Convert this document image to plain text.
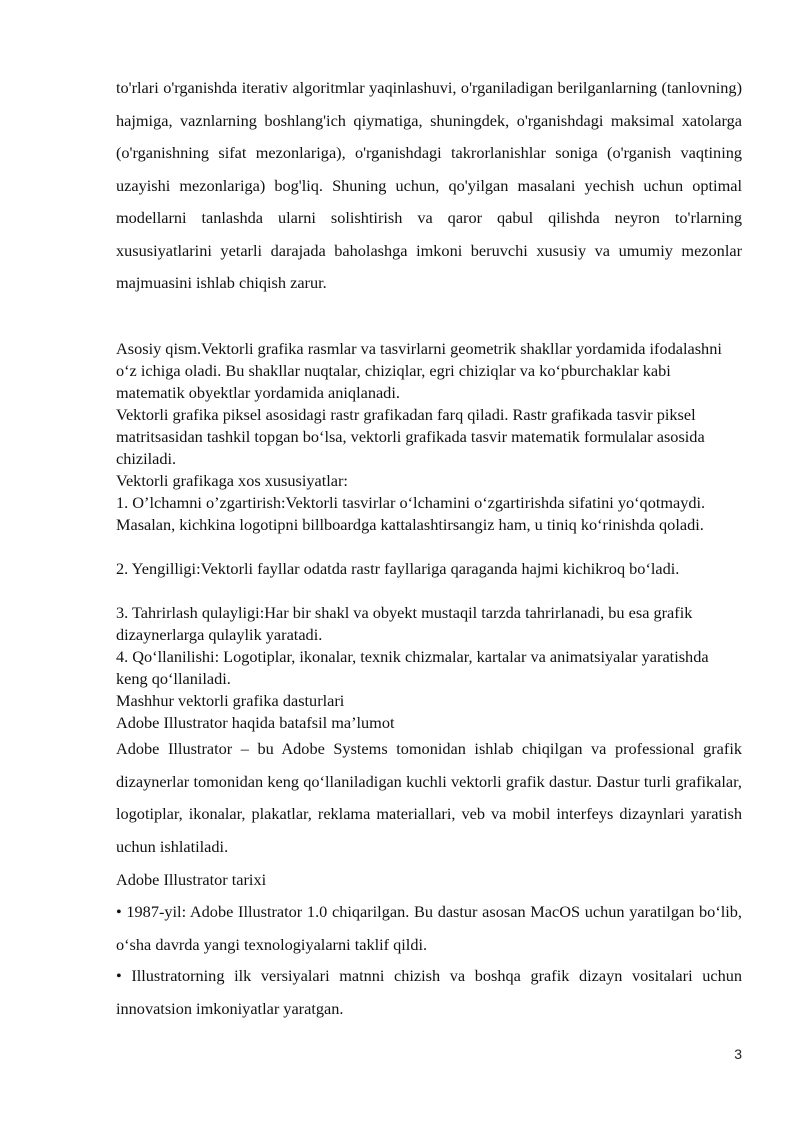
to'rlari o'rganishda iterativ algoritmlar yaqinlashuvi, o'rganiladigan berilganlarning (tanlovning) hajmiga, vaznlarning boshlang'ich qiymatiga, shuningdek, o'rganishdagi maksimal xatolarga (o'rganishning sifat mezonlariga), o'rganishdagi takrorlanishlar soniga (o'rganish vaqtining uzayishi mezonlariga) bog'liq. Shuning uchun, qo'yilgan masalani yechish uchun optimal modellarni tanlashda ularni solishtirish va qaror qabul qilishda neyron to'rlarning xususiyatlarini yetarli darajada baholashga imkoni beruvchi xususiy va umumiy mezonlar majmuasini ishlab chiqish zarur.

Asosiy qism.Vektorli grafika rasmlar va tasvirlarni geometrik shakllar yordamida ifodalashni o‘z ichiga oladi. Bu shakllar nuqtalar, chiziqlar, egri chiziqlar va ko‘pburchaklar kabi matematik obyektlar yordamida aniqlanadi.

Vektorli grafika piksel asosidagi rastr grafikadan farq qiladi. Rastr grafikada tasvir piksel matritsasidan tashkil topgan bo‘lsa, vektorli grafikada tasvir matematik formulalar asosida chiziladi.

Vektorli grafikaga xos xususiyatlar:

1. O’lchamni o’zgartirish:Vektorli tasvirlar o‘lchamini o‘zgartirishda sifatini yo‘qotmaydi. Masalan, kichkina logotipni billboardga kattalashtirsangiz ham, u tiniq ko‘rinishda qoladi.

2. Yengilligi:Vektorli fayllar odatda rastr fayllariga qaraganda hajmi kichikroq bo‘ladi.

3. Tahrirlash qulayligi:Har bir shakl va obyekt mustaqil tarzda tahrirlanadi, bu esa grafik dizaynerlarga qulaylik yaratadi.

4. Qo‘llanilishi: Logotiplar, ikonalar, texnik chizmalar, kartalar va animatsiyalar yaratishda keng qo‘llaniladi.

Mashhur vektorli grafika dasturlari

Adobe Illustrator haqida batafsil ma’lumot

Adobe Illustrator – bu Adobe Systems tomonidan ishlab chiqilgan va professional grafik dizaynerlar tomonidan keng qo‘llaniladigan kuchli vektorli grafik dastur. Dastur turli grafikalar, logotiplar, ikonalar, plakatlar, reklama materiallari, veb va mobil interfeys dizaynlari yaratish uchun ishlatiladi.

Adobe Illustrator tarixi

• 1987-yil: Adobe Illustrator 1.0 chiqarilgan. Bu dastur asosan MacOS uchun yaratilgan bo‘lib, o‘sha davrda yangi texnologiyalarni taklif qildi.

• Illustratorning ilk versiyalari matnni chizish va boshqa grafik dizayn vositalari uchun innovatsion imkoniyatlar yaratgan.

3
